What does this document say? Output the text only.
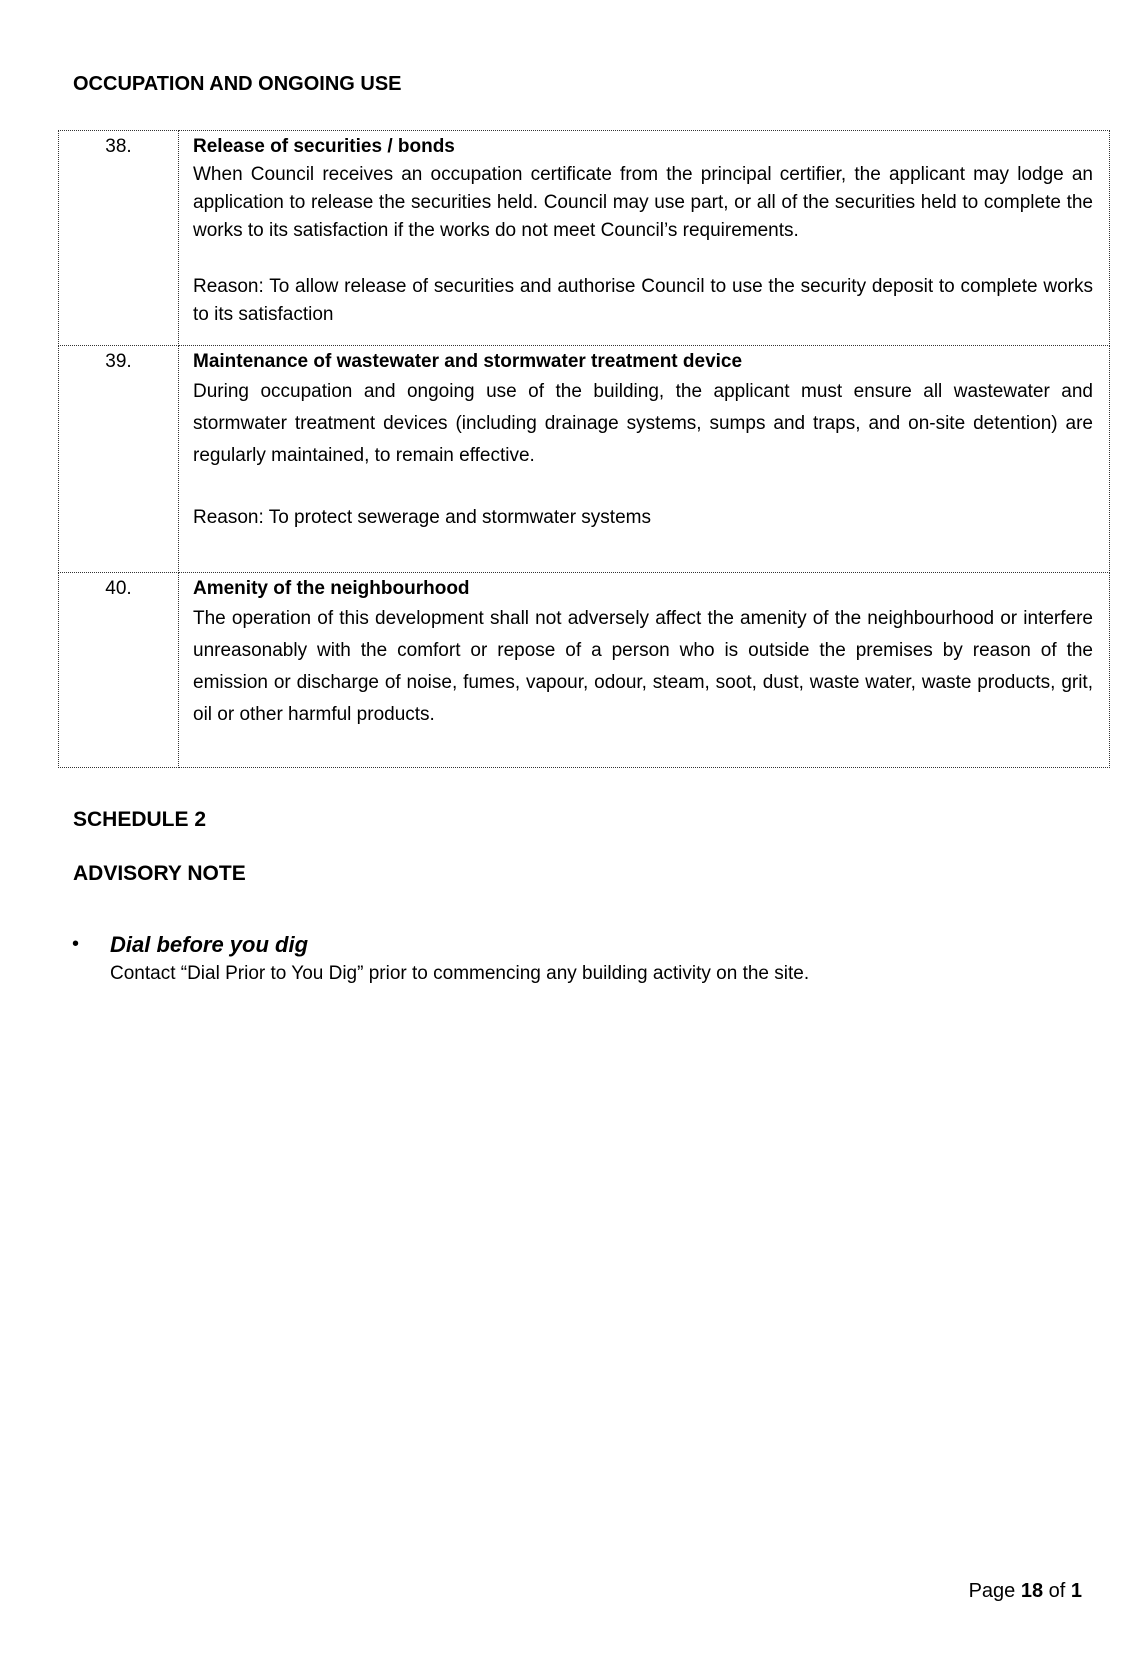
OCCUPATION AND ONGOING USE
38.	Release of securities / bonds

When Council receives an occupation certificate from the principal certifier, the applicant may lodge an application to release the securities held. Council may use part, or all of the securities held to complete the works to its satisfaction if the works do not meet Council’s requirements.

Reason: To allow release of securities and authorise Council to use the security deposit to complete works to its satisfaction

39.	Maintenance of wastewater and stormwater treatment device

During occupation and ongoing use of the building, the applicant must ensure all wastewater and stormwater treatment devices (including drainage systems, sumps and traps, and on-site detention) are regularly maintained, to remain effective.

Reason: To protect sewerage and stormwater systems

40.	Amenity of the neighbourhood

The operation of this development shall not adversely affect the amenity of the neighbourhood or interfere unreasonably with the comfort or repose of a person who is outside the premises by reason of the emission or discharge of noise, fumes, vapour, odour, steam, soot, dust, waste water, waste products, grit, oil or other harmful products.

SCHEDULE 2
ADVISORY NOTE
• Dial before you dig
Contact “Dial Prior to You Dig” prior to commencing any building activity on the site.
Page 18 of 1
